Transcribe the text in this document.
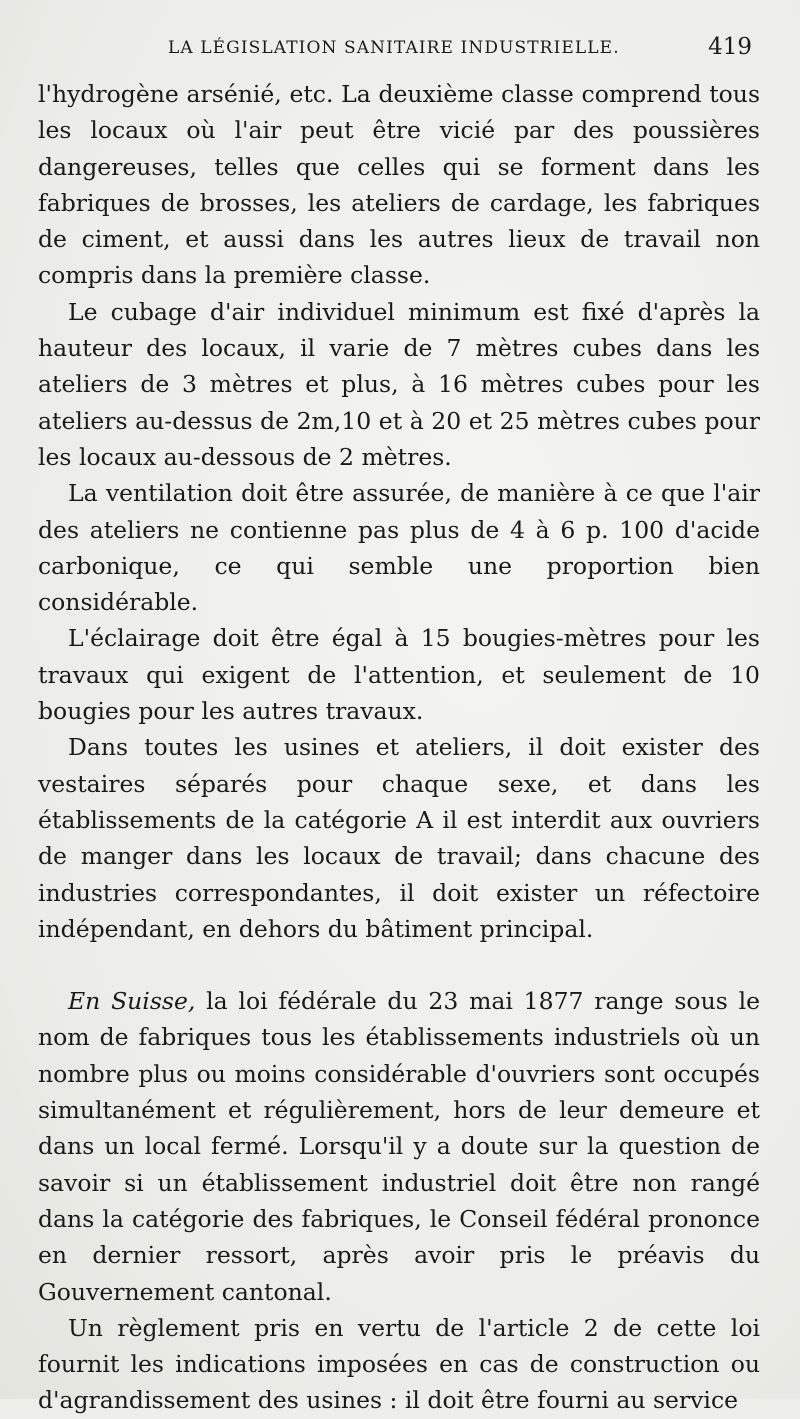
LA LÉGISLATION SANITAIRE INDUSTRIELLE.	419

l'hydrogène arsénié, etc. La deuxième classe comprend tous les locaux où l'air peut être vicié par des poussières dangereuses, telles que celles qui se forment dans les fabriques de brosses, les ateliers de cardage, les fabriques de ciment, et aussi dans les autres lieux de travail non compris dans la première classe.

Le cubage d'air individuel minimum est fixé d'après la hauteur des locaux, il varie de 7 mètres cubes dans les ateliers de 3 mètres et plus, à 16 mètres cubes pour les ateliers au-dessus de 2m,10 et à 20 et 25 mètres cubes pour les locaux au-dessous de 2 mètres.

La ventilation doit être assurée, de manière à ce que l'air des ateliers ne contienne pas plus de 4 à 6 p. 100 d'acide carbonique, ce qui semble une proportion bien considérable.

L'éclairage doit être égal à 15 bougies-mètres pour les travaux qui exigent de l'attention, et seulement de 10 bougies pour les autres travaux.

Dans toutes les usines et ateliers, il doit exister des vestaires séparés pour chaque sexe, et dans les établissements de la catégorie A il est interdit aux ouvriers de manger dans les locaux de travail; dans chacune des industries correspondantes, il doit exister un réfectoire indépendant, en dehors du bâtiment principal.

En Suisse, la loi fédérale du 23 mai 1877 range sous le nom de fabriques tous les établissements industriels où un nombre plus ou moins considérable d'ouvriers sont occupés simultanément et régulièrement, hors de leur demeure et dans un local fermé. Lorsqu'il y a doute sur la question de savoir si un établissement industriel doit être non rangé dans la catégorie des fabriques, le Conseil fédéral prononce en dernier ressort, après avoir pris le préavis du Gouvernement cantonal.

Un règlement pris en vertu de l'article 2 de cette loi fournit les indications imposées en cas de construction ou d'agrandissement des usines : il doit être fourni au service
